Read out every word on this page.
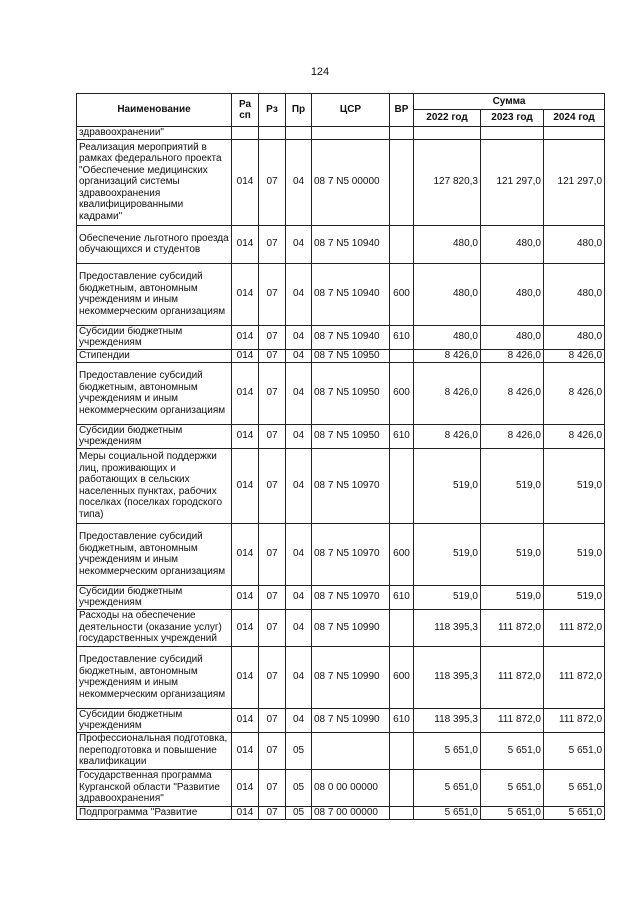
124
Наименование	Ра сп	Рз	Пр	ЦСР	ВР	Сумма		
						2022 год	2023 год	2024 год
здравоохранении"								
Реализация мероприятий в рамках федерального проекта "Обеспечение медицинских организаций системы здравоохранения квалифицированными кадрами"	014	07	04	08 7 N5 00000		127 820,3	121 297,0	121 297,0
Обеспечение льготного проезда обучающихся и студентов	014	07	04	08 7 N5 10940		480,0	480,0	480,0
Предоставление субсидий бюджетным, автономным учреждениям и иным некоммерческим организациям	014	07	04	08 7 N5 10940	600	480,0	480,0	480,0
Субсидии бюджетным учреждениям	014	07	04	08 7 N5 10940	610	480,0	480,0	480,0
Стипендии	014	07	04	08 7 N5 10950		8 426,0	8 426,0	8 426,0
Предоставление субсидий бюджетным, автономным учреждениям и иным некоммерческим организациям	014	07	04	08 7 N5 10950	600	8 426,0	8 426,0	8 426,0
Субсидии бюджетным учреждениям	014	07	04	08 7 N5 10950	610	8 426,0	8 426,0	8 426,0
Меры социальной поддержки лиц, проживающих и работающих в сельских населенных пунктах, рабочих поселках (поселках городского типа)	014	07	04	08 7 N5 10970		519,0	519,0	519,0
Предоставление субсидий бюджетным, автономным учреждениям и иным некоммерческим организациям	014	07	04	08 7 N5 10970	600	519,0	519,0	519,0
Субсидии бюджетным учреждениям	014	07	04	08 7 N5 10970	610	519,0	519,0	519,0
Расходы на обеспечение деятельности (оказание услуг) государственных учреждений	014	07	04	08 7 N5 10990		118 395,3	111 872,0	111 872,0
Предоставление субсидий бюджетным, автономным учреждениям и иным некоммерческим организациям	014	07	04	08 7 N5 10990	600	118 395,3	111 872,0	111 872,0
Субсидии бюджетным учреждениям	014	07	04	08 7 N5 10990	610	118 395,3	111 872,0	111 872,0
Профессиональная подготовка, переподготовка и повышение квалификации	014	07	05			5 651,0	5 651,0	5 651,0
Государственная программа Курганской области "Развитие здравоохранения"	014	07	05	08 0 00 00000		5 651,0	5 651,0	5 651,0
Подпрограмма "Развитие	014	07	05	08 7 00 00000		5 651,0	5 651,0	5 651,0
